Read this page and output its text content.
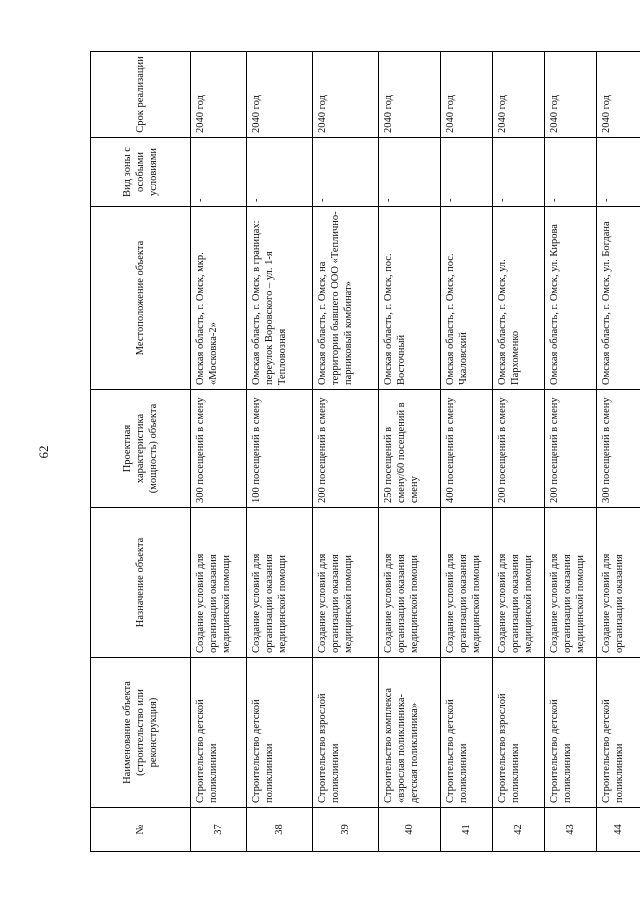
62
№	Наименование объекта (строительство или реконструкция)	Назначение объекта	Проектная характеристика (мощность) объекта	Местоположение объекта	Вид зоны с особыми условиями	Срок реализации
37	Строительство детской поликлиники	Создание условий для организации оказания медицинской помощи	300 посещений в смену	Омская область, г. Омск, мкр. «Московка-2»	-	2040 год
38	Строительство детской поликлиники	Создание условий для организации оказания медицинской помощи	100 посещений в смену	Омская область, г. Омск, в границах: переулок Воровского – ул. 1-я Тепловозная	-	2040 год
39	Строительство взрослой поликлиники	Создание условий для организации оказания медицинской помощи	200 посещений в смену	Омская область, г. Омск, на территории бывшего ООО «Теплично-парниковый комбинат»	-	2040 год
40	Строительство комплекса «взрослая поликлиника-детская поликлиника»	Создание условий для организации оказания медицинской помощи	250 посещений в смену/60 посещений в смену	Омская область, г. Омск, пос. Восточный	-	2040 год
41	Строительство детской поликлиники	Создание условий для организации оказания медицинской помощи	400 посещений в смену	Омская область, г. Омск, пос. Чкаловский	-	2040 год
42	Строительство взрослой поликлиники	Создание условий для организации оказания медицинской помощи	200 посещений в смену	Омская область, г. Омск, ул. Пархоменко	-	2040 год
43	Строительство детской поликлиники	Создание условий для организации оказания медицинской помощи	200 посещений в смену	Омская область, г. Омск, ул. Кирова	-	2040 год
44	Строительство детской поликлиники	Создание условий для организации оказания	300 посещений в смену	Омская область, г. Омск, ул. Богдана	-	2040 год
